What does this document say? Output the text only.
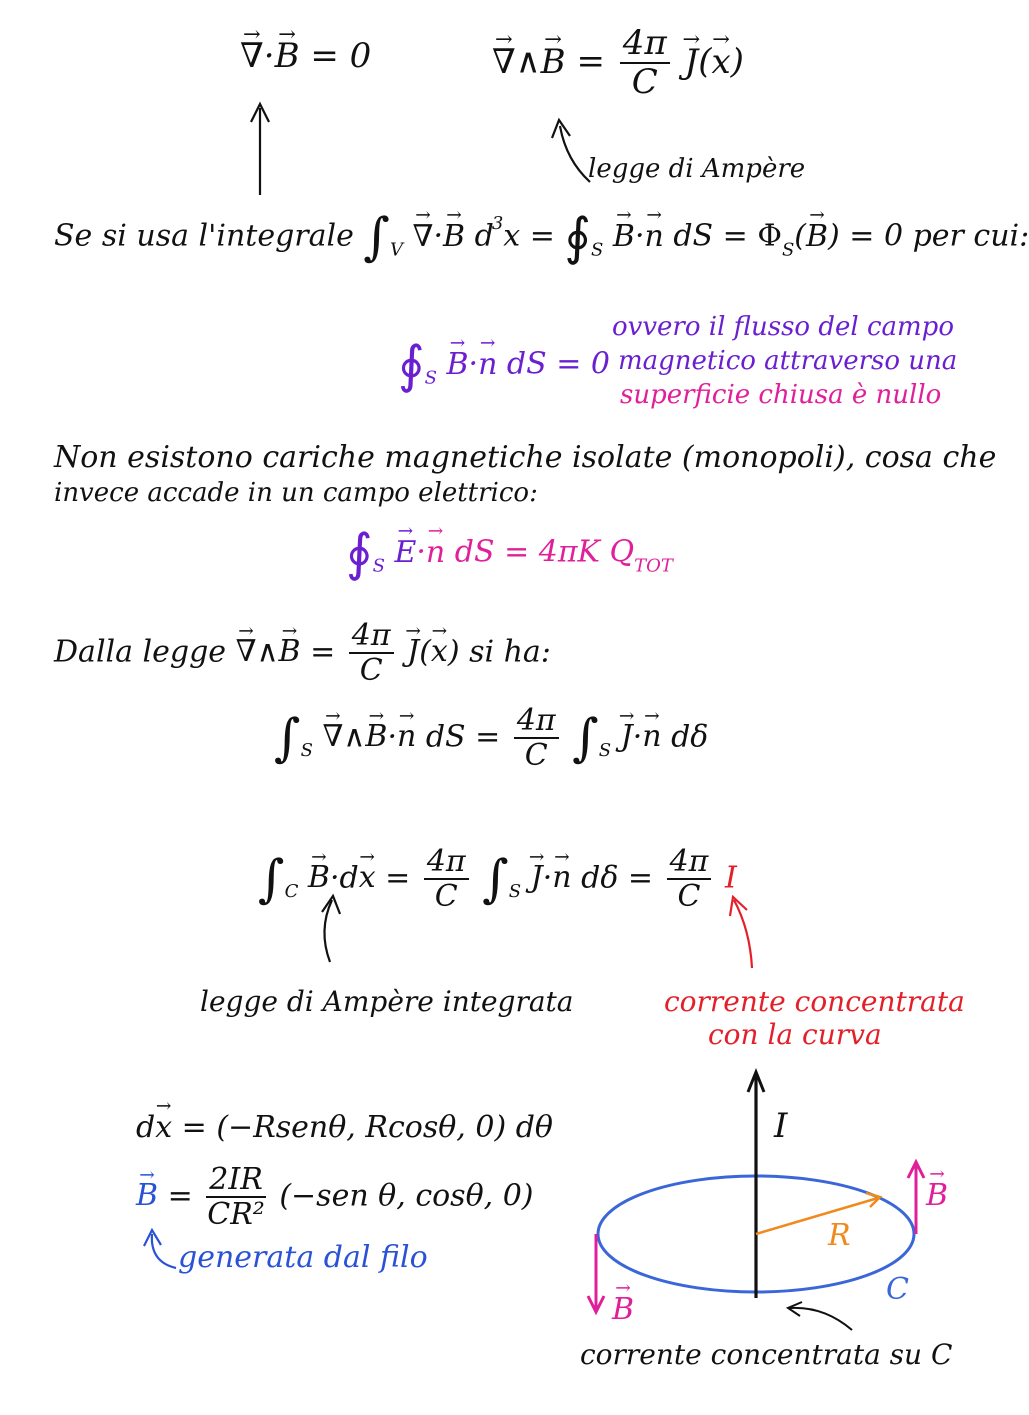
→ ∇·→ B = 0
→	∇∧→ $B = \frac{4\pi}{C}$
→ J(→ x)
legge di Ampère
Se si usa l'integrale $\int_V$ → ∇·→ B $d^3x$ = $∮_S \to B\cdot\to n$ dS = $\Phi_S(\to B) = 0$ per cui:
$∮_S \to B\cdot\to n$ dS = 0
ovvero il flusso del campo
magnetico attraverso una
superficie chiusa è nullo
Non esistono cariche magnetiche isolate (monopoli), cosa che
invece accade in un campo elettrico:
$∮_S \to E\cdot\to n$ dS = 4πK $Q_{TOT}$
Dalla legge → ∇∧→ $B = \frac{4\pi}{C}$
→ J(→ x) si ha:
$\int_S$ → ∇∧→ B·→ n dS = $\frac{4\pi}{C} \int_S \to J\cdot\to n$ dδ
$\int_C \to B\cdot d\to x = \frac{4\pi}{C} \int_S \to J\cdot\to n$ $d\delta = \frac{4\pi}{C}$ I
legge di Ampère integrata	corrente concentrata
con la curva
d→ x = (−Rsenθ, Rcosθ, 0) dθ
→ $B = \frac{2IR}{\text{CR²}} (-sen$ θ, cosθ, 0)
generata dal filo
I
R
C
→ B
→ B
corrente concentrata su C
